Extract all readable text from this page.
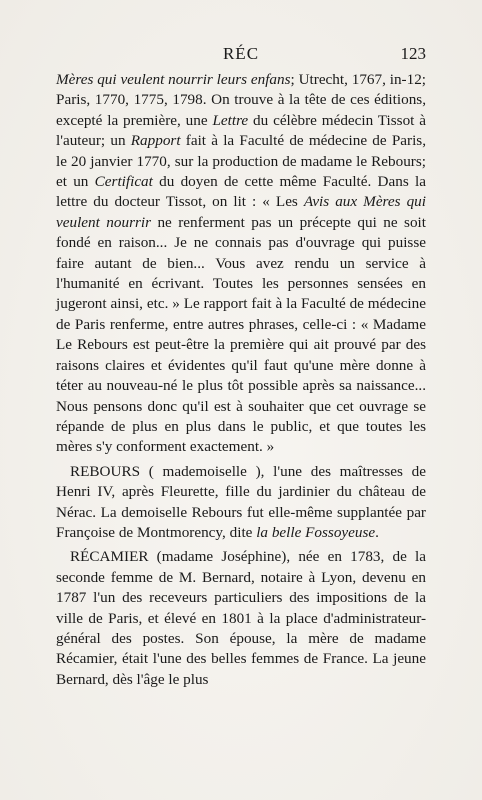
RÉC	123

Mères qui veulent nourrir leurs enfans; Utrecht, 1767, in-12; Paris, 1770, 1775, 1798. On trouve à la tête de ces éditions, excepté la première, une Lettre du célèbre médecin Tissot à l'auteur; un Rapport fait à la Faculté de médecine de Paris, le 20 janvier 1770, sur la production de madame le Rebours; et un Certificat du doyen de cette même Faculté. Dans la lettre du docteur Tissot, on lit : « Les Avis aux Mères qui veulent nourrir ne renferment pas un précepte qui ne soit fondé en raison... Je ne connais pas d'ouvrage qui puisse faire autant de bien... Vous avez rendu un service à l'humanité en écrivant. Toutes les personnes sensées en jugeront ainsi, etc. » Le rapport fait à la Faculté de médecine de Paris renferme, entre autres phrases, celle-ci : « Madame Le Rebours est peut-être la première qui ait prouvé par des raisons claires et évidentes qu'il faut qu'une mère donne à téter au nouveau-né le plus tôt possible après sa naissance... Nous pensons donc qu'il est à souhaiter que cet ouvrage se répande de plus en plus dans le public, et que toutes les mères s'y conforment exactement. »

REBOURS ( mademoiselle ), l'une des maîtresses de Henri IV, après Fleurette, fille du jardinier du château de Nérac. La demoiselle Rebours fut elle-même supplantée par Françoise de Montmorency, dite la belle Fossoyeuse.

RÉCAMIER (madame Joséphine), née en 1783, de la seconde femme de M. Bernard, notaire à Lyon, devenu en 1787 l'un des receveurs particuliers des impositions de la ville de Paris, et élevé en 1801 à la place d'administrateur-général des postes. Son épouse, la mère de madame Récamier, était l'une des belles femmes de France. La jeune Bernard, dès l'âge le plus
